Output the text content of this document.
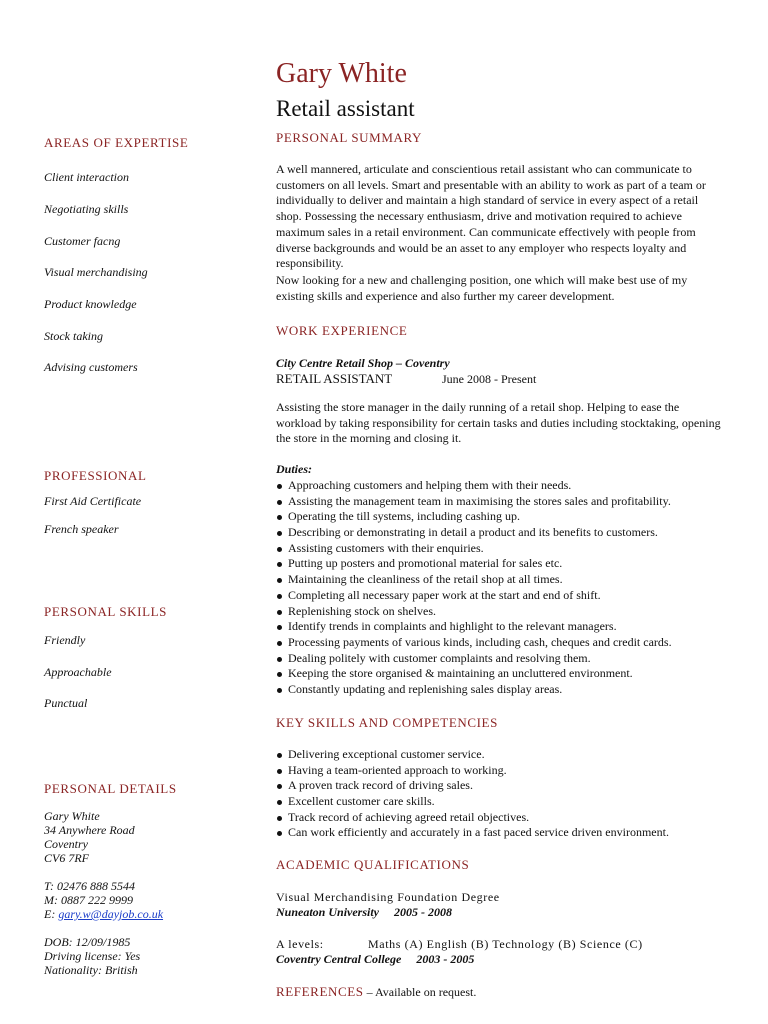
Gary White
Retail assistant
AREAS OF EXPERTISE
Client interaction
Negotiating skills
Customer facng
Visual merchandising
Product knowledge
Stock taking
Advising customers
PROFESSIONAL
First Aid Certificate
French speaker
PERSONAL SKILLS
Friendly
Approachable
Punctual
PERSONAL DETAILS
Gary White
34 Anywhere Road
Coventry
CV6 7RF
T: 02476 888 5544
M: 0887 222 9999
E: gary.w@dayjob.co.uk
DOB: 12/09/1985
Driving license: Yes
Nationality: British
PERSONAL SUMMARY

A well mannered, articulate and conscientious retail assistant who can communicate to customers on all levels. Smart and presentable with an ability to work as part of a team or individually to deliver and maintain a high standard of service in every aspect of a retail shop. Possessing the necessary enthusiasm, drive and motivation required to achieve maximum sales in a retail environment. Can communicate effectively with people from diverse backgrounds and would be an asset to any employer who respects loyalty and responsibility.

Now looking for a new and challenging position, one which will make best use of my existing skills and experience and also further my career development.

WORK EXPERIENCE
City Centre Retail Shop – Coventry
RETAIL ASSISTANT	June 2008 - Present
Assisting the store manager in the daily running of a retail shop. Helping to ease the workload by taking responsibility for certain tasks and duties including stocktaking, opening the store in the morning and closing it.
Duties:
Approaching customers and helping them with their needs.
Assisting the management team in maximising the stores sales and profitability.
Operating the till systems, including cashing up.
Describing or demonstrating in detail a product and its benefits to customers.
Assisting customers with their enquiries.
Putting up posters and promotional material for sales etc.
Maintaining the cleanliness of the retail shop at all times.
Completing all necessary paper work at the start and end of shift.
Replenishing stock on shelves.
Identify trends in complaints and highlight to the relevant managers.
Processing payments of various kinds, including cash, cheques and credit cards.
Dealing politely with customer complaints and resolving them.
Keeping the store organised & maintaining an uncluttered environment.
Constantly updating and replenishing sales display areas.
KEY SKILLS AND COMPETENCIES
Delivering exceptional customer service.
Having a team-oriented approach to working.
A proven track record of driving sales.
Excellent customer care skills.
Track record of achieving agreed retail objectives.
Can work efficiently and accurately in a fast paced service driven environment.
ACADEMIC QUALIFICATIONS
Visual Merchandising Foundation Degree
Nuneaton University     2005 - 2008
A levels:	Maths (A) English (B) Technology (B) Science (C)
Coventry Central College     2003 - 2005
REFERENCES – Available on request.
